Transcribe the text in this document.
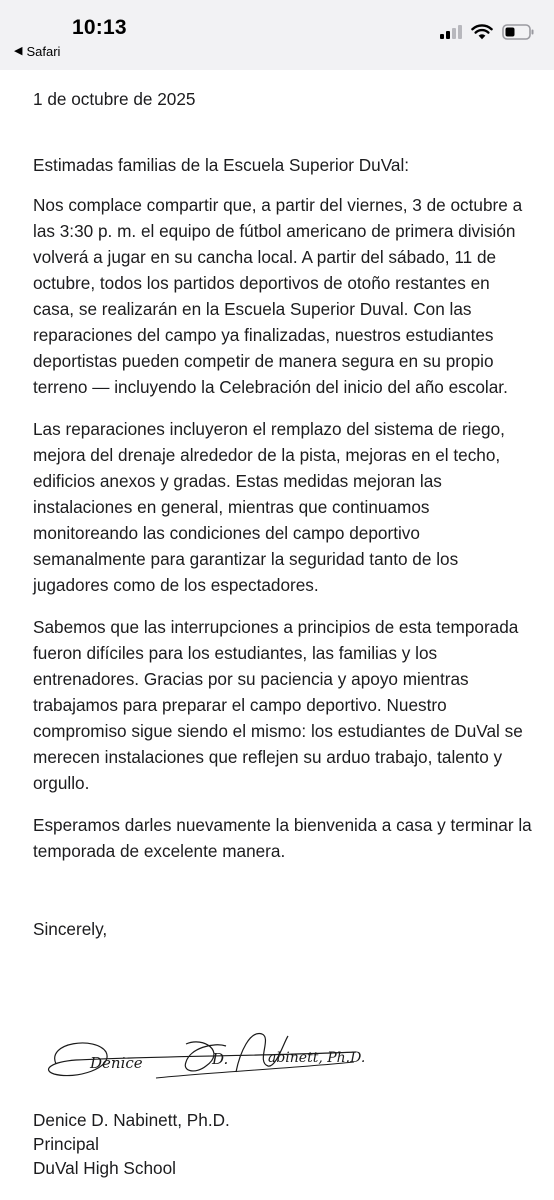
10:13
◀ Safari

1 de octubre de 2025

Estimadas familias de la Escuela Superior DuVal:

Nos complace compartir que, a partir del viernes, 3 de octubre a las 3:30 p. m. el equipo de fútbol americano de primera división volverá a jugar en su cancha local. A partir del sábado, 11 de octubre, todos los partidos deportivos de otoño restantes en casa, se realizarán en la Escuela Superior Duval. Con las reparaciones del campo ya finalizadas, nuestros estudiantes deportistas pueden competir de manera segura en su propio terreno — incluyendo la Celebración del inicio del año escolar.

Las reparaciones incluyeron el remplazo del sistema de riego, mejora del drenaje alrededor de la pista, mejoras en el techo, edificios anexos y gradas. Estas medidas mejoran las instalaciones en general, mientras que continuamos monitoreando las condiciones del campo deportivo semanalmente para garantizar la seguridad tanto de los jugadores como de los espectadores.

Sabemos que las interrupciones a principios de esta temporada fueron difíciles para los estudiantes, las familias y los entrenadores. Gracias por su paciencia y apoyo mientras trabajamos para preparar el campo deportivo. Nuestro compromiso sigue siendo el mismo: los estudiantes de DuVal se merecen instalaciones que reflejen su arduo trabajo, talento y orgullo.

Esperamos darles nuevamente la bienvenida a casa y terminar la temporada de excelente manera.

Sincerely,

Denice	D.	abinett, Ph.D.
Denice D. Nabinett, Ph.D.
Principal
DuVal High School
